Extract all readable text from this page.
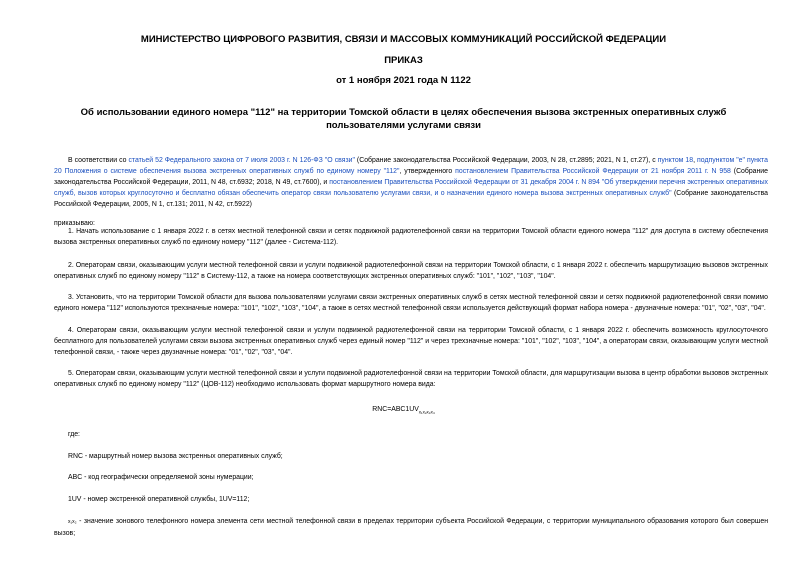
МИНИСТЕРСТВО ЦИФРОВОГО РАЗВИТИЯ, СВЯЗИ И МАССОВЫХ КОММУНИКАЦИЙ РОССИЙСКОЙ ФЕДЕРАЦИИ
ПРИКАЗ
от 1 ноября 2021 года N 1122
Об использовании единого номера "112" на территории Томской области в целях обеспечения вызова экстренных оперативных служб пользователями услугами связи
В соответствии со статьей 52 Федерального закона от 7 июля 2003 г. N 126-ФЗ "О связи" (Собрание законодательства Российской Федерации, 2003, N 28, ст.2895; 2021, N 1, ст.27), с пунктом 18, подпунктом "е" пункта 20 Положения о системе обеспечения вызова экстренных оперативных служб по единому номеру "112", утвержденного постановлением Правительства Российской Федерации от 21 ноября 2011 г. N 958 (Собрание законодательства Российской Федерации, 2011, N 48, ст.6932; 2018, N 49, ст.7600), и постановлением Правительства Российской Федерации от 31 декабря 2004 г. N 894 "Об утверждении перечня экстренных оперативных служб, вызов которых круглосуточно и бесплатно обязан обеспечить оператор связи пользователю услугами связи, и о назначении единого номера вызова экстренных оперативных служб" (Собрание законодательства Российской Федерации, 2005, N 1, ст.131; 2011, N 42, ст.5922)
приказываю:
1. Начать использование с 1 января 2022 г. в сетях местной телефонной связи и сетях подвижной радиотелефонной связи на территории Томской области единого номера "112" для доступа в систему обеспечения вызова экстренных оперативных служб по единому номеру "112" (далее - Система-112).
2. Операторам связи, оказывающим услуги местной телефонной связи и услуги подвижной радиотелефонной связи на территории Томской области, с 1 января 2022 г. обеспечить маршрутизацию вызовов экстренных оперативных служб по единому номеру "112" в Систему-112, а также на номера соответствующих экстренных оперативных служб: "101", "102", "103", "104".
3. Установить, что на территории Томской области для вызова пользователями услугами связи экстренных оперативных служб в сетях местной телефонной связи и сетях подвижной радиотелефонной связи помимо единого номера "112" используются трехзначные номера: "101", "102", "103", "104", а также в сетях местной телефонной связи используется действующий формат набора номера - двузначные номера: "01", "02", "03", "04".
4. Операторам связи, оказывающим услуги местной телефонной связи и услуги подвижной радиотелефонной связи на территории Томской области, с 1 января 2022 г. обеспечить возможность круглосуточного бесплатного для пользователей услугами связи вызова экстренных оперативных служб через единый номер "112" и через трехзначные номера: "101", "102", "103", "104", а операторам связи, оказывающим услуги местной телефонной связи, - также через двузначные номера: "01", "02", "03", "04".
5. Операторам связи, оказывающим услуги местной телефонной связи и услуги подвижной радиотелефонной связи на территории Томской области, для маршрутизации вызова в центр обработки вызовов экстренных оперативных служб по единому номеру "112" (ЦОВ-112) необходимо использовать формат маршрутного номера вида:
$RNC=ABC1UV_{x_1x_2x_3x_4}$
где:
RNC - маршрутный номер вызова экстренных оперативных служб;
ABC - код географически определяемой зоны нумерации;
1UV - номер экстренной оперативной службы, 1UV=112;
x₁x₂ - значение зонового телефонного номера элемента сети местной телефонной связи в пределах территории субъекта Российской Федерации, с территории муниципального образования которого был совершен вызов;
